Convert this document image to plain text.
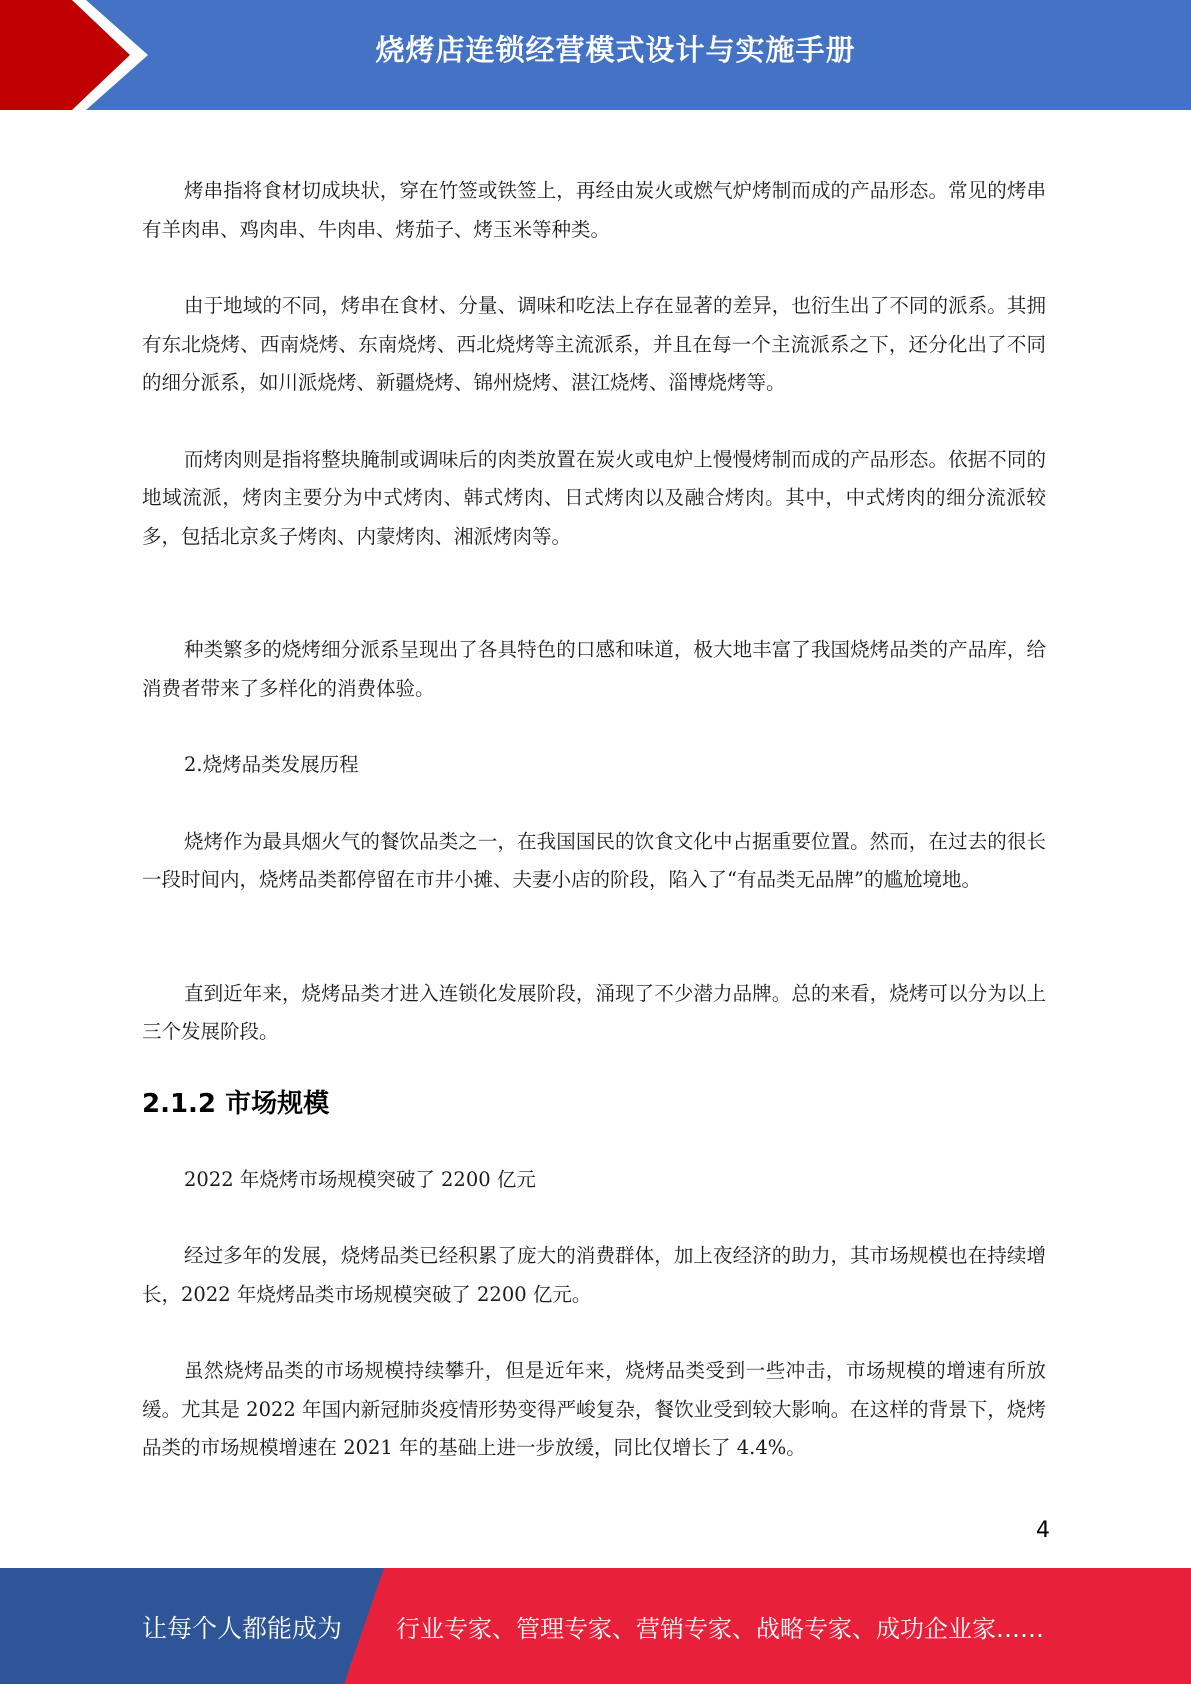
烧烤店连锁经营模式设计与实施手册

烤串指将食材切成块状，穿在竹签或铁签上，再经由炭火或燃气炉烤制而成的产品形态。常见的烤串有羊肉串、鸡肉串、牛肉串、烤茄子、烤玉米等种类。

由于地域的不同，烤串在食材、分量、调味和吃法上存在显著的差异，也衍生出了不同的派系。其拥有东北烧烤、西南烧烤、东南烧烤、西北烧烤等主流派系，并且在每一个主流派系之下，还分化出了不同的细分派系，如川派烧烤、新疆烧烤、锦州烧烤、湛江烧烤、淄博烧烤等。

而烤肉则是指将整块腌制或调味后的肉类放置在炭火或电炉上慢慢烤制而成的产品形态。依据不同的地域流派，烤肉主要分为中式烤肉、韩式烤肉、日式烤肉以及融合烤肉。其中，中式烤肉的细分流派较多，包括北京炙子烤肉、内蒙烤肉、湘派烤肉等。

种类繁多的烧烤细分派系呈现出了各具特色的口感和味道，极大地丰富了我国烧烤品类的产品库，给消费者带来了多样化的消费体验。

2.烧烤品类发展历程

烧烤作为最具烟火气的餐饮品类之一，在我国国民的饮食文化中占据重要位置。然而，在过去的很长一段时间内，烧烤品类都停留在市井小摊、夫妻小店的阶段，陷入了“有品类无品牌”的尴尬境地。

直到近年来，烧烤品类才进入连锁化发展阶段，涌现了不少潜力品牌。总的来看，烧烤可以分为以上三个发展阶段。

2.1.2 市场规模

2022 年烧烤市场规模突破了 2200 亿元

经过多年的发展，烧烤品类已经积累了庞大的消费群体，加上夜经济的助力，其市场规模也在持续增长，2022 年烧烤品类市场规模突破了 2200 亿元。

虽然烧烤品类的市场规模持续攀升，但是近年来，烧烤品类受到一些冲击，市场规模的增速有所放缓。尤其是 2022 年国内新冠肺炎疫情形势变得严峻复杂，餐饮业受到较大影响。在这样的背景下，烧烤品类的市场规模增速在 2021 年的基础上进一步放缓，同比仅增长了 4.4%。

4
让每个人都能成为 行业专家、管理专家、营销专家、战略专家、成功企业家……
